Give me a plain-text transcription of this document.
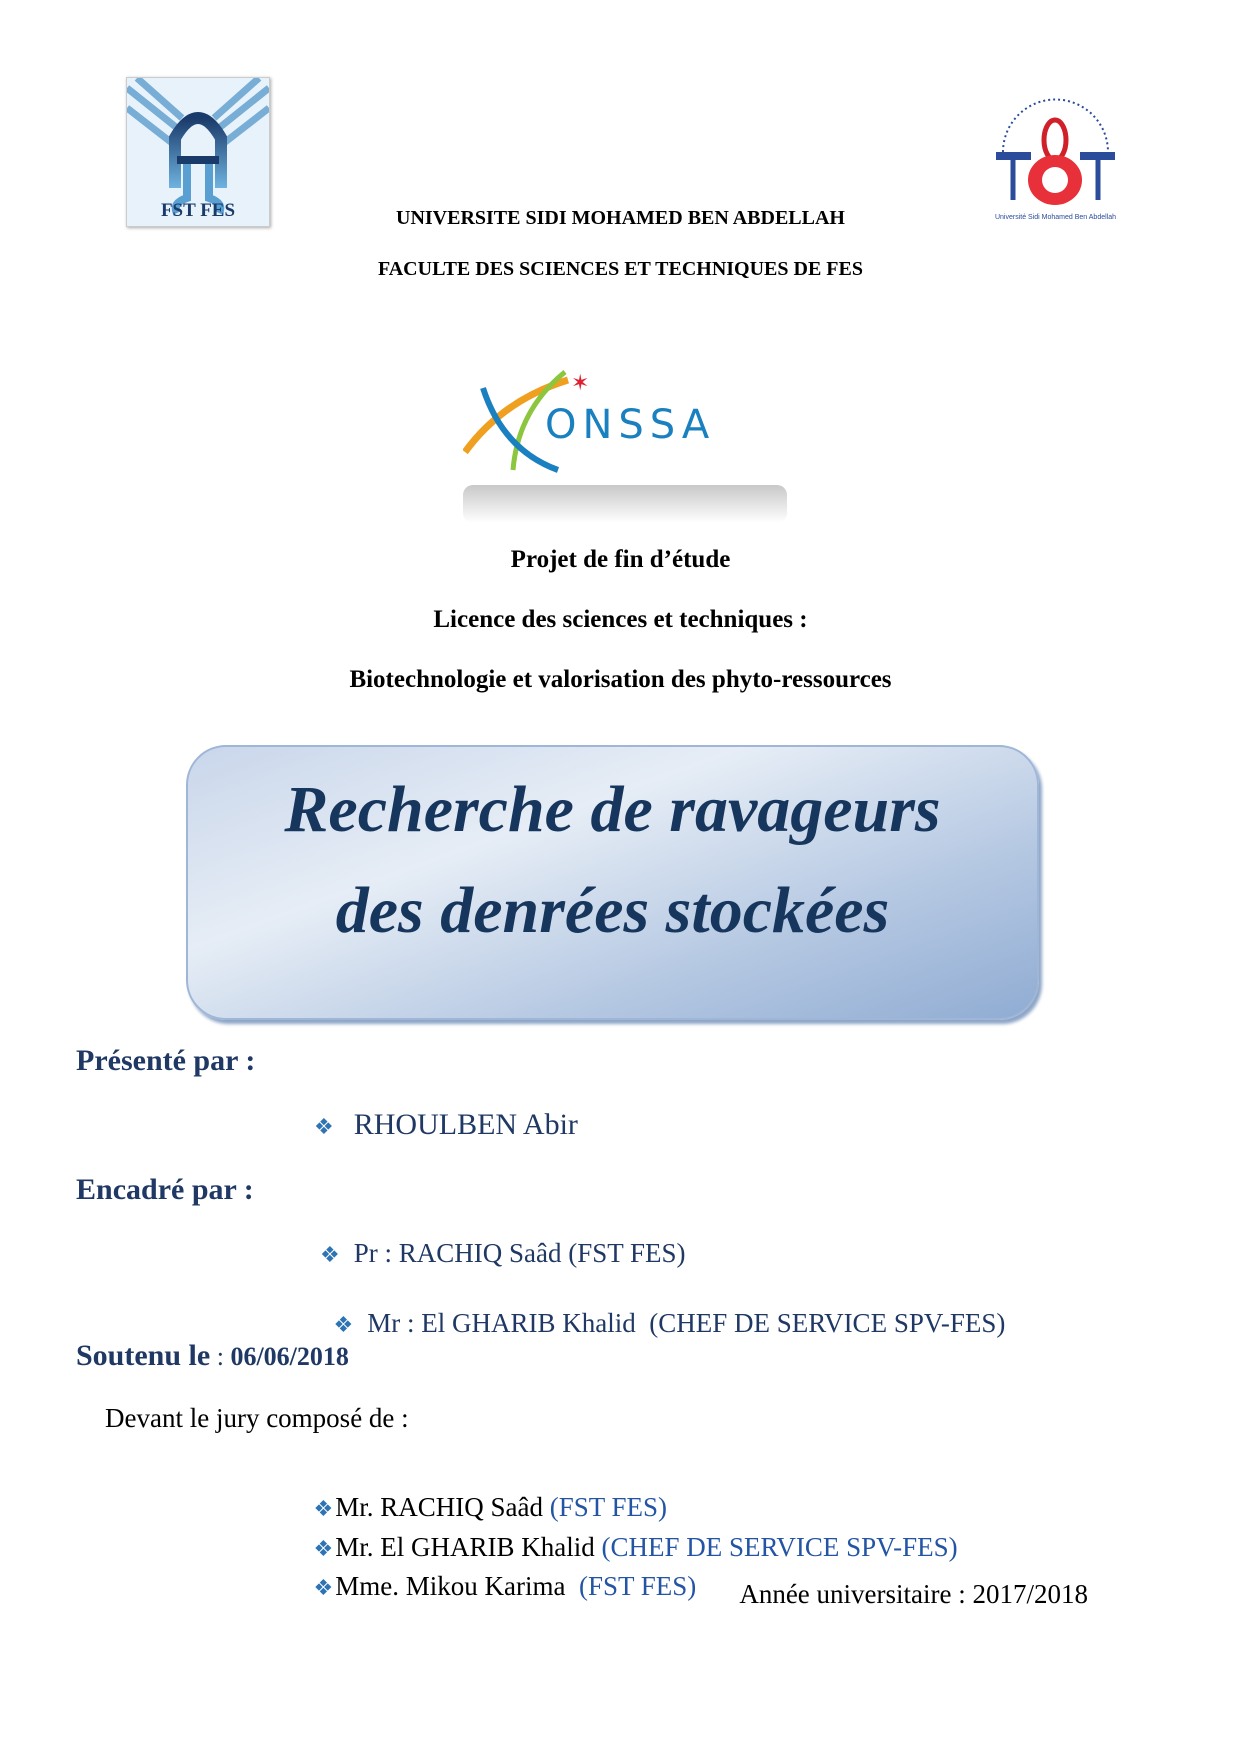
FST FES	Université Sidi Mohamed Ben Abdellah
UNIVERSITE SIDI MOHAMED BEN ABDELLAH
FACULTE DES SCIENCES ET TECHNIQUES DE FES
✶
ONSSA
Projet de fin d’étude
Licence des sciences et techniques :
Biotechnologie et valorisation des phyto-ressources
Recherche de ravageurs
des denrées stockées
Présenté par :
❖ RHOULBEN Abir
Encadré par :
❖ Pr : RACHIQ Saâd (FST FES)

❖ Mr : El GHARIB Khalid  (CHEF DE SERVICE SPV-FES)

Soutenu le : 06/06/2018
Devant le jury composé de :

❖Mr. RACHIQ Saâd (FST FES)

❖Mr. El GHARIB Khalid (CHEF DE SERVICE SPV-FES)

❖Mme. Mikou Karima  (FST FES) Année universitaire : 2017/2018
